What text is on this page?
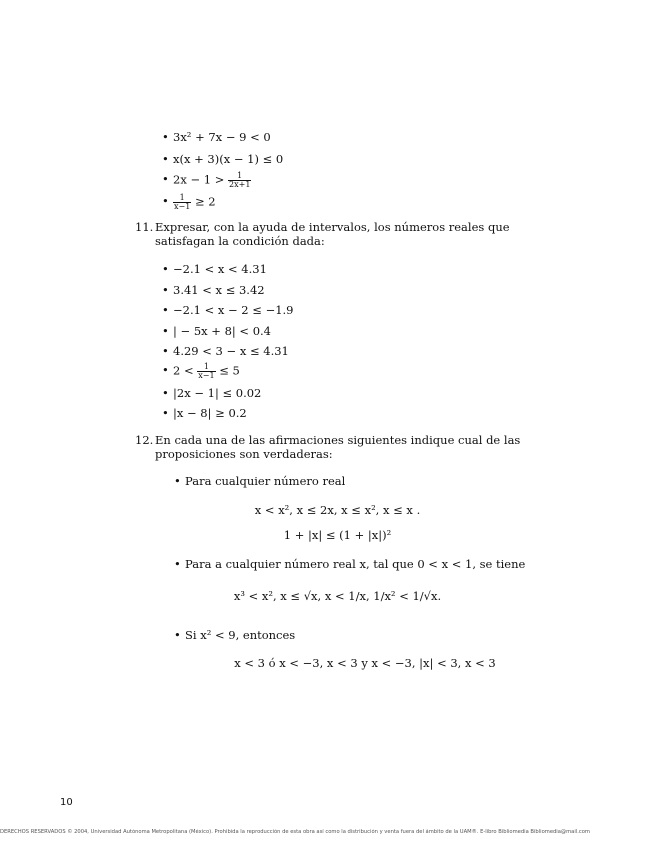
• 3x² + 7x − 9 < 0
• x(x + 3)(x − 1) ≤ 0
• $2x - 1 > \frac{1}{2x+1}$
• $\frac{1}{x-1} \ge 2$
11. Expresar, con la ayuda de intervalos, los números reales que satisfagan la condición dada:
• −2.1 < x < 4.31
• 3.41 < x ≤ 3.42
• −2.1 < x − 2 ≤ −1.9
• | − 5x + 8| < 0.4
• 4.29 < 3 − x ≤ 4.31
• $2 < \frac{1}{x-1} \le 5$
• |2x − 1| ≤ 0.02
• |x − 8| ≥ 0.2
12. En cada una de las afirmaciones siguientes indique cual de las proposiciones son verdaderas:
• Para cualquier número real
x < x², x ≤ 2x, x ≤ x², x ≤ x .
1 + |x| ≤ (1 + |x|)²
• Para a cualquier número real x, tal que 0 < x < 1, se tiene
x³ < x², x ≤ √x, x < 1/x, 1/x² < 1/√x.
• Si x² < 9, entonces
x < 3 ó x < −3, x < 3 y x < −3, |x| < 3, x < 3
10
DERECHOS RESERVADOS © 2004, Universidad Autónoma Metropolitana (México). Prohibida la reproducción de esta obra así como la distribución y venta fuera del ámbito de la UAM®. E-libro Bibliomedia Bibliomedia@mail.com
